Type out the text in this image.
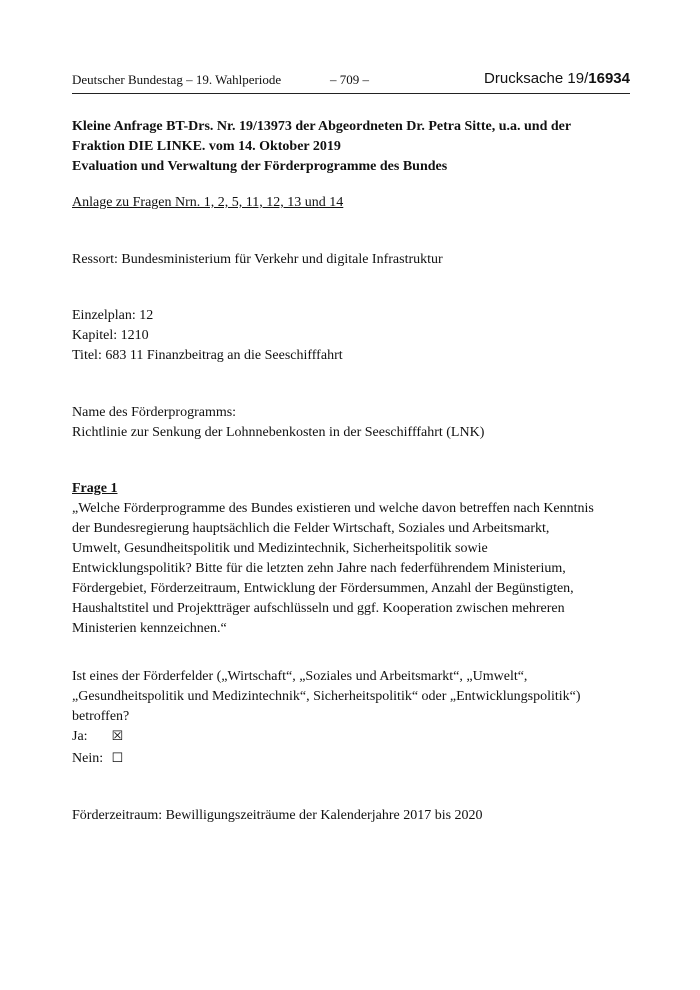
Deutscher Bundestag – 19. Wahlperiode	– 709 –	Drucksache 19/16934
Kleine Anfrage BT-Drs. Nr. 19/13973 der Abgeordneten Dr. Petra Sitte, u.a. und der
Fraktion DIE LINKE. vom 14. Oktober 2019
Evaluation und Verwaltung der Förderprogramme des Bundes
Anlage zu Fragen Nrn. 1, 2, 5, 11, 12, 13 und 14
Ressort: Bundesministerium für Verkehr und digitale Infrastruktur
Einzelplan: 12
Kapitel: 1210
Titel: 683 11 Finanzbeitrag an die Seeschifffahrt
Name des Förderprogramms:
Richtlinie zur Senkung der Lohnnebenkosten in der Seeschifffahrt (LNK)
Frage 1
„Welche Förderprogramme des Bundes existieren und welche davon betreffen nach Kenntnis
der Bundesregierung hauptsächlich die Felder Wirtschaft, Soziales und Arbeitsmarkt,
Umwelt, Gesundheitspolitik und Medizintechnik, Sicherheitspolitik sowie
Entwicklungspolitik? Bitte für die letzten zehn Jahre nach federführendem Ministerium,
Fördergebiet, Förderzeitraum, Entwicklung der Fördersummen, Anzahl der Begünstigten,
Haushaltstitel und Projektträger aufschlüsseln und ggf. Kooperation zwischen mehreren
Ministerien kennzeichnen.“
Ist eines der Förderfelder („Wirtschaft“, „Soziales und Arbeitsmarkt“, „Umwelt“,
„Gesundheitspolitik und Medizintechnik“, Sicherheitspolitik“ oder „Entwicklungspolitik“)
betroffen?
Ja: ☒
Nein: ☐
Förderzeitraum: Bewilligungszeiträume der Kalenderjahre 2017 bis 2020
